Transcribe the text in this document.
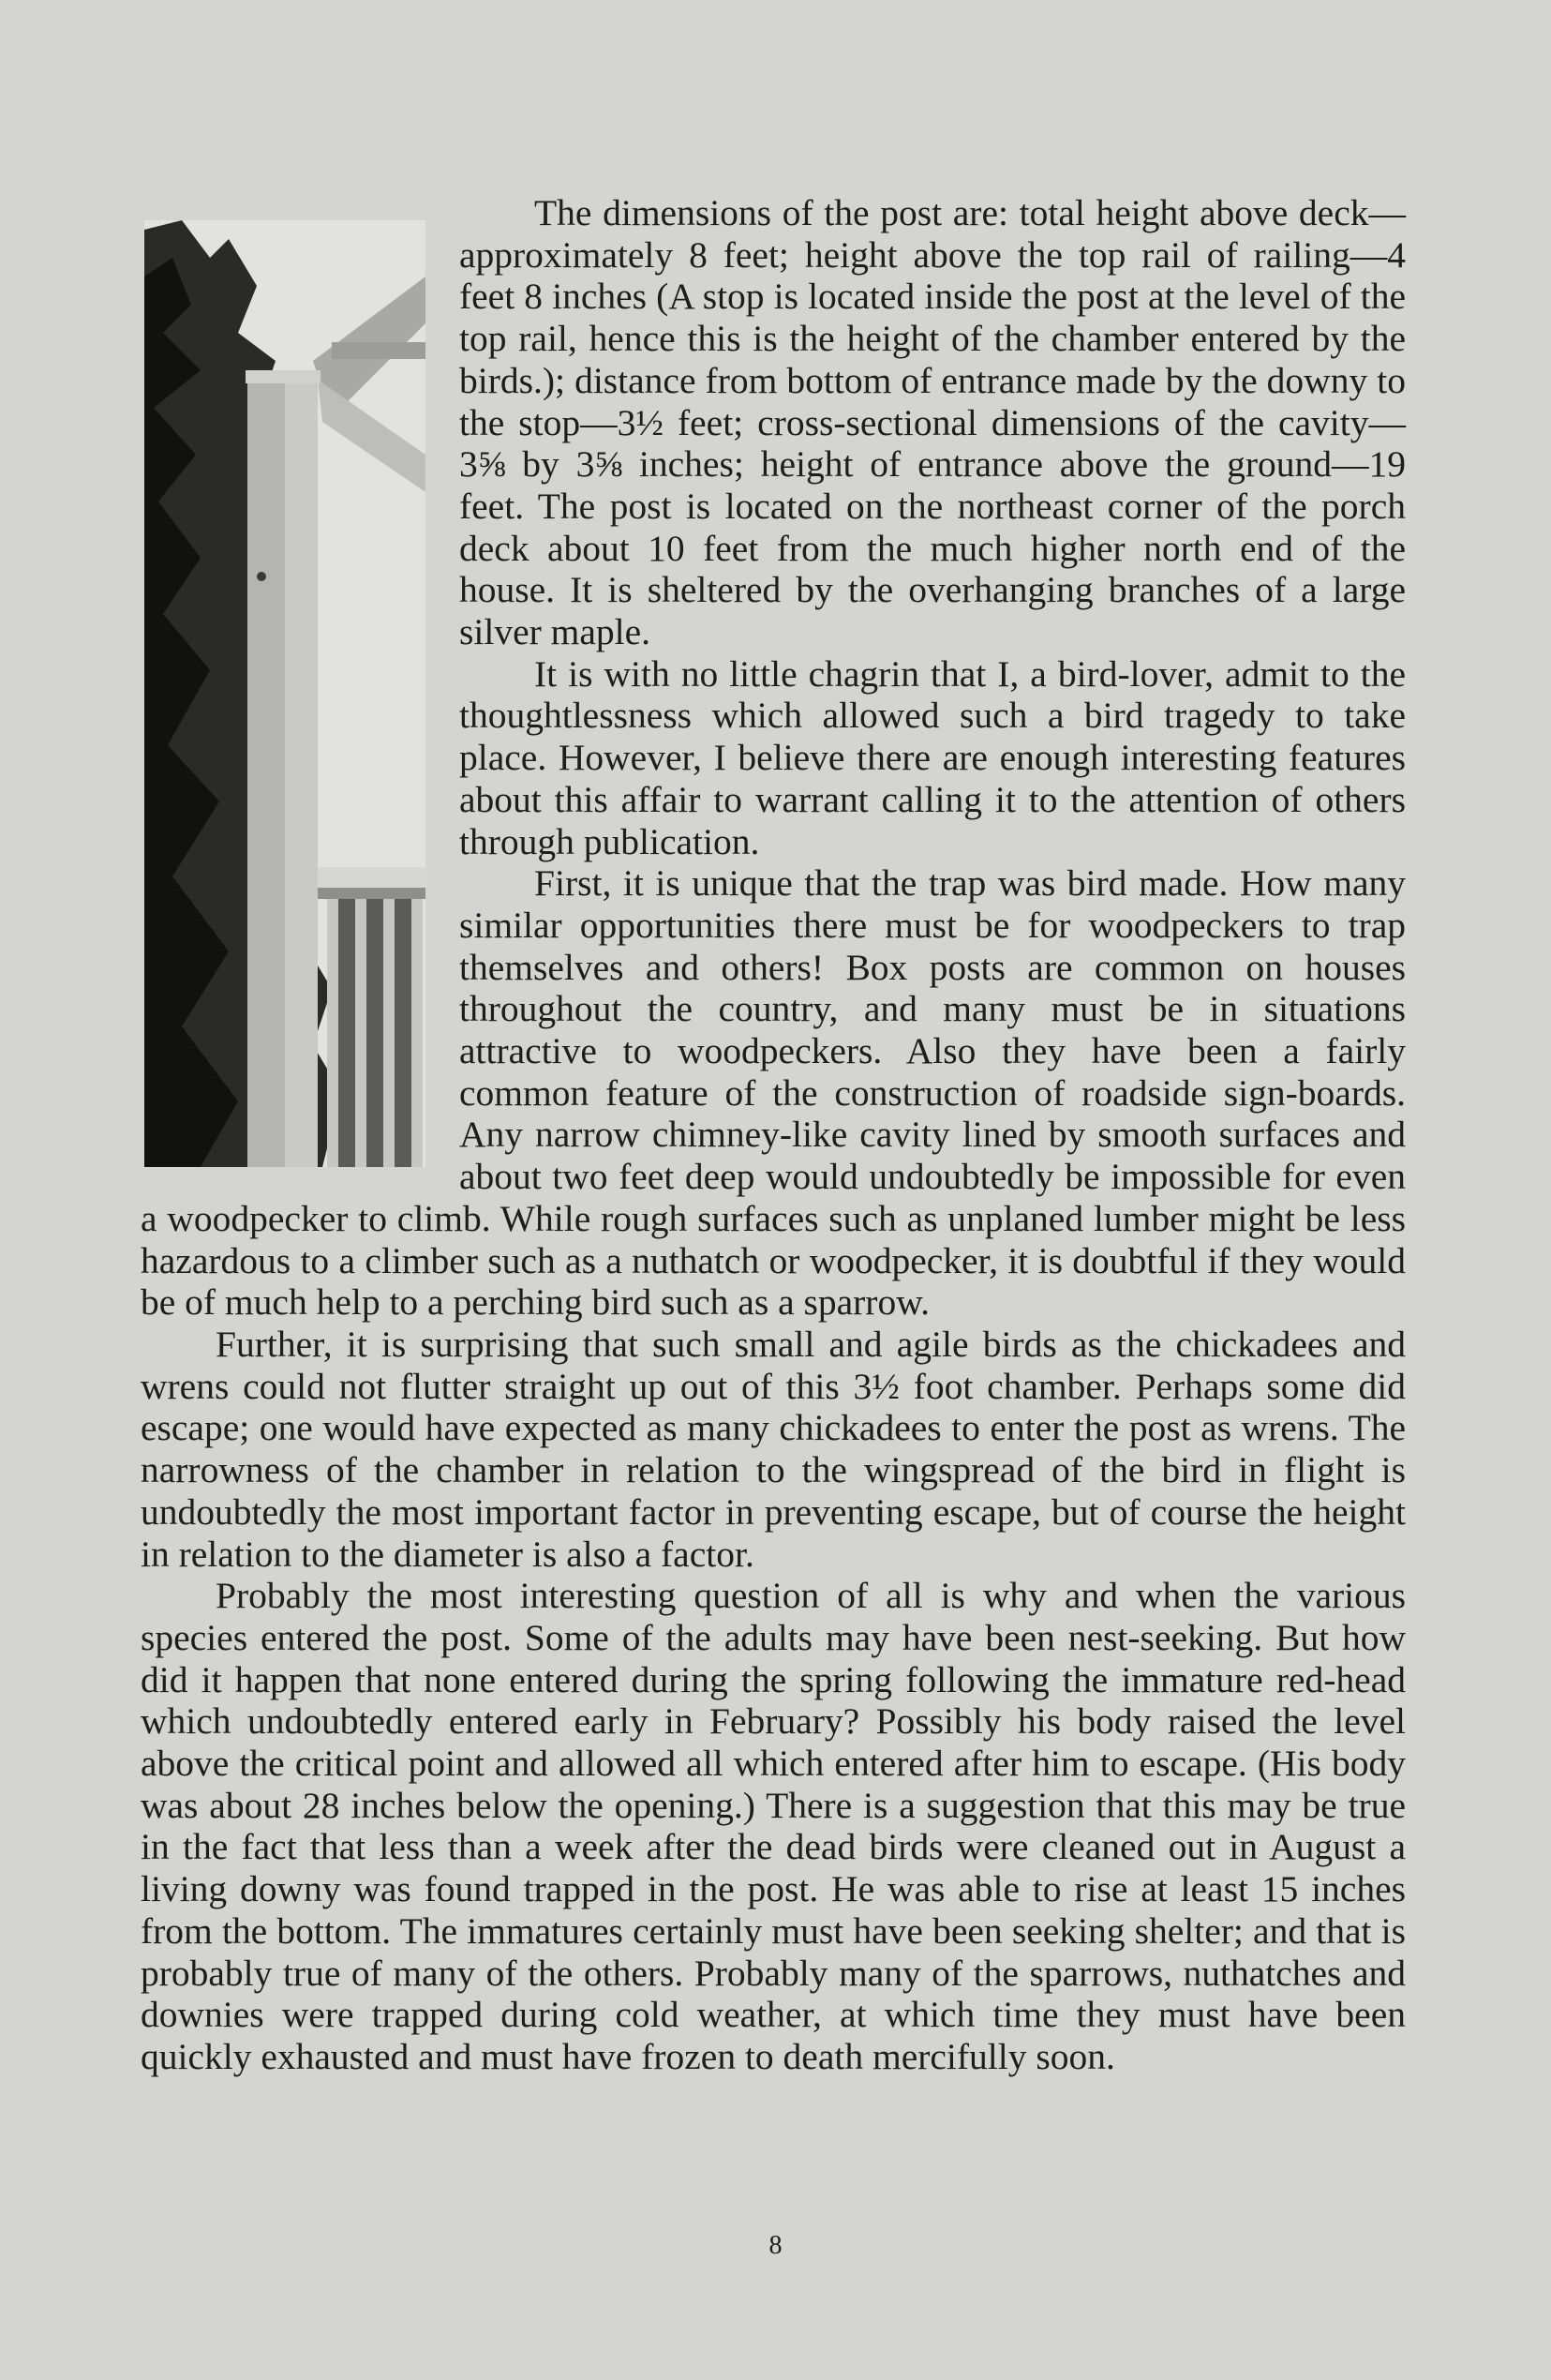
The dimensions of the post are: total height above deck—approximately 8 feet; height above the top rail of railing—4 feet 8 inches (A stop is located inside the post at the level of the top rail, hence this is the height of the chamber entered by the birds.); distance from bottom of entrance made by the downy to the stop—3½ feet; cross-sectional dimensions of the cavity—3⅝ by 3⅝ inches; height of entrance above the ground—19 feet. The post is located on the northeast corner of the porch deck about 10 feet from the much higher north end of the house. It is sheltered by the overhanging branches of a large silver maple.

It is with no little chagrin that I, a bird-lover, admit to the thoughtlessness which allowed such a bird tragedy to take place. However, I believe there are enough interesting features about this affair to warrant calling it to the attention of others through publication.

First, it is unique that the trap was bird made. How many similar opportunities there must be for woodpeckers to trap themselves and others! Box posts are common on houses throughout the country, and many must be in situations attractive to woodpeckers. Also they have been a fairly common feature of the construction of roadside sign-boards. Any narrow chimney-like cavity lined by smooth surfaces and about two feet deep would undoubtedly be impossible for even a woodpecker to climb. While rough surfaces such as unplaned lumber might be less hazardous to a climber such as a nuthatch or woodpecker, it is doubtful if they would be of much help to a perching bird such as a sparrow.

Further, it is surprising that such small and agile birds as the chickadees and wrens could not flutter straight up out of this 3½ foot chamber. Perhaps some did escape; one would have expected as many chickadees to enter the post as wrens. The narrowness of the chamber in relation to the wingspread of the bird in flight is undoubtedly the most important factor in preventing escape, but of course the height in relation to the diameter is also a factor.

Probably the most interesting question of all is why and when the various species entered the post. Some of the adults may have been nest-seeking. But how did it happen that none entered during the spring following the immature red-head which undoubtedly entered early in February? Possibly his body raised the level above the critical point and allowed all which entered after him to escape. (His body was about 28 inches below the opening.) There is a suggestion that this may be true in the fact that less than a week after the dead birds were cleaned out in August a living downy was found trapped in the post. He was able to rise at least 15 inches from the bottom. The immatures certainly must have been seeking shelter; and that is probably true of many of the others. Probably many of the sparrows, nuthatches and downies were trapped during cold weather, at which time they must have been quickly exhausted and must have frozen to death mercifully soon.

8
